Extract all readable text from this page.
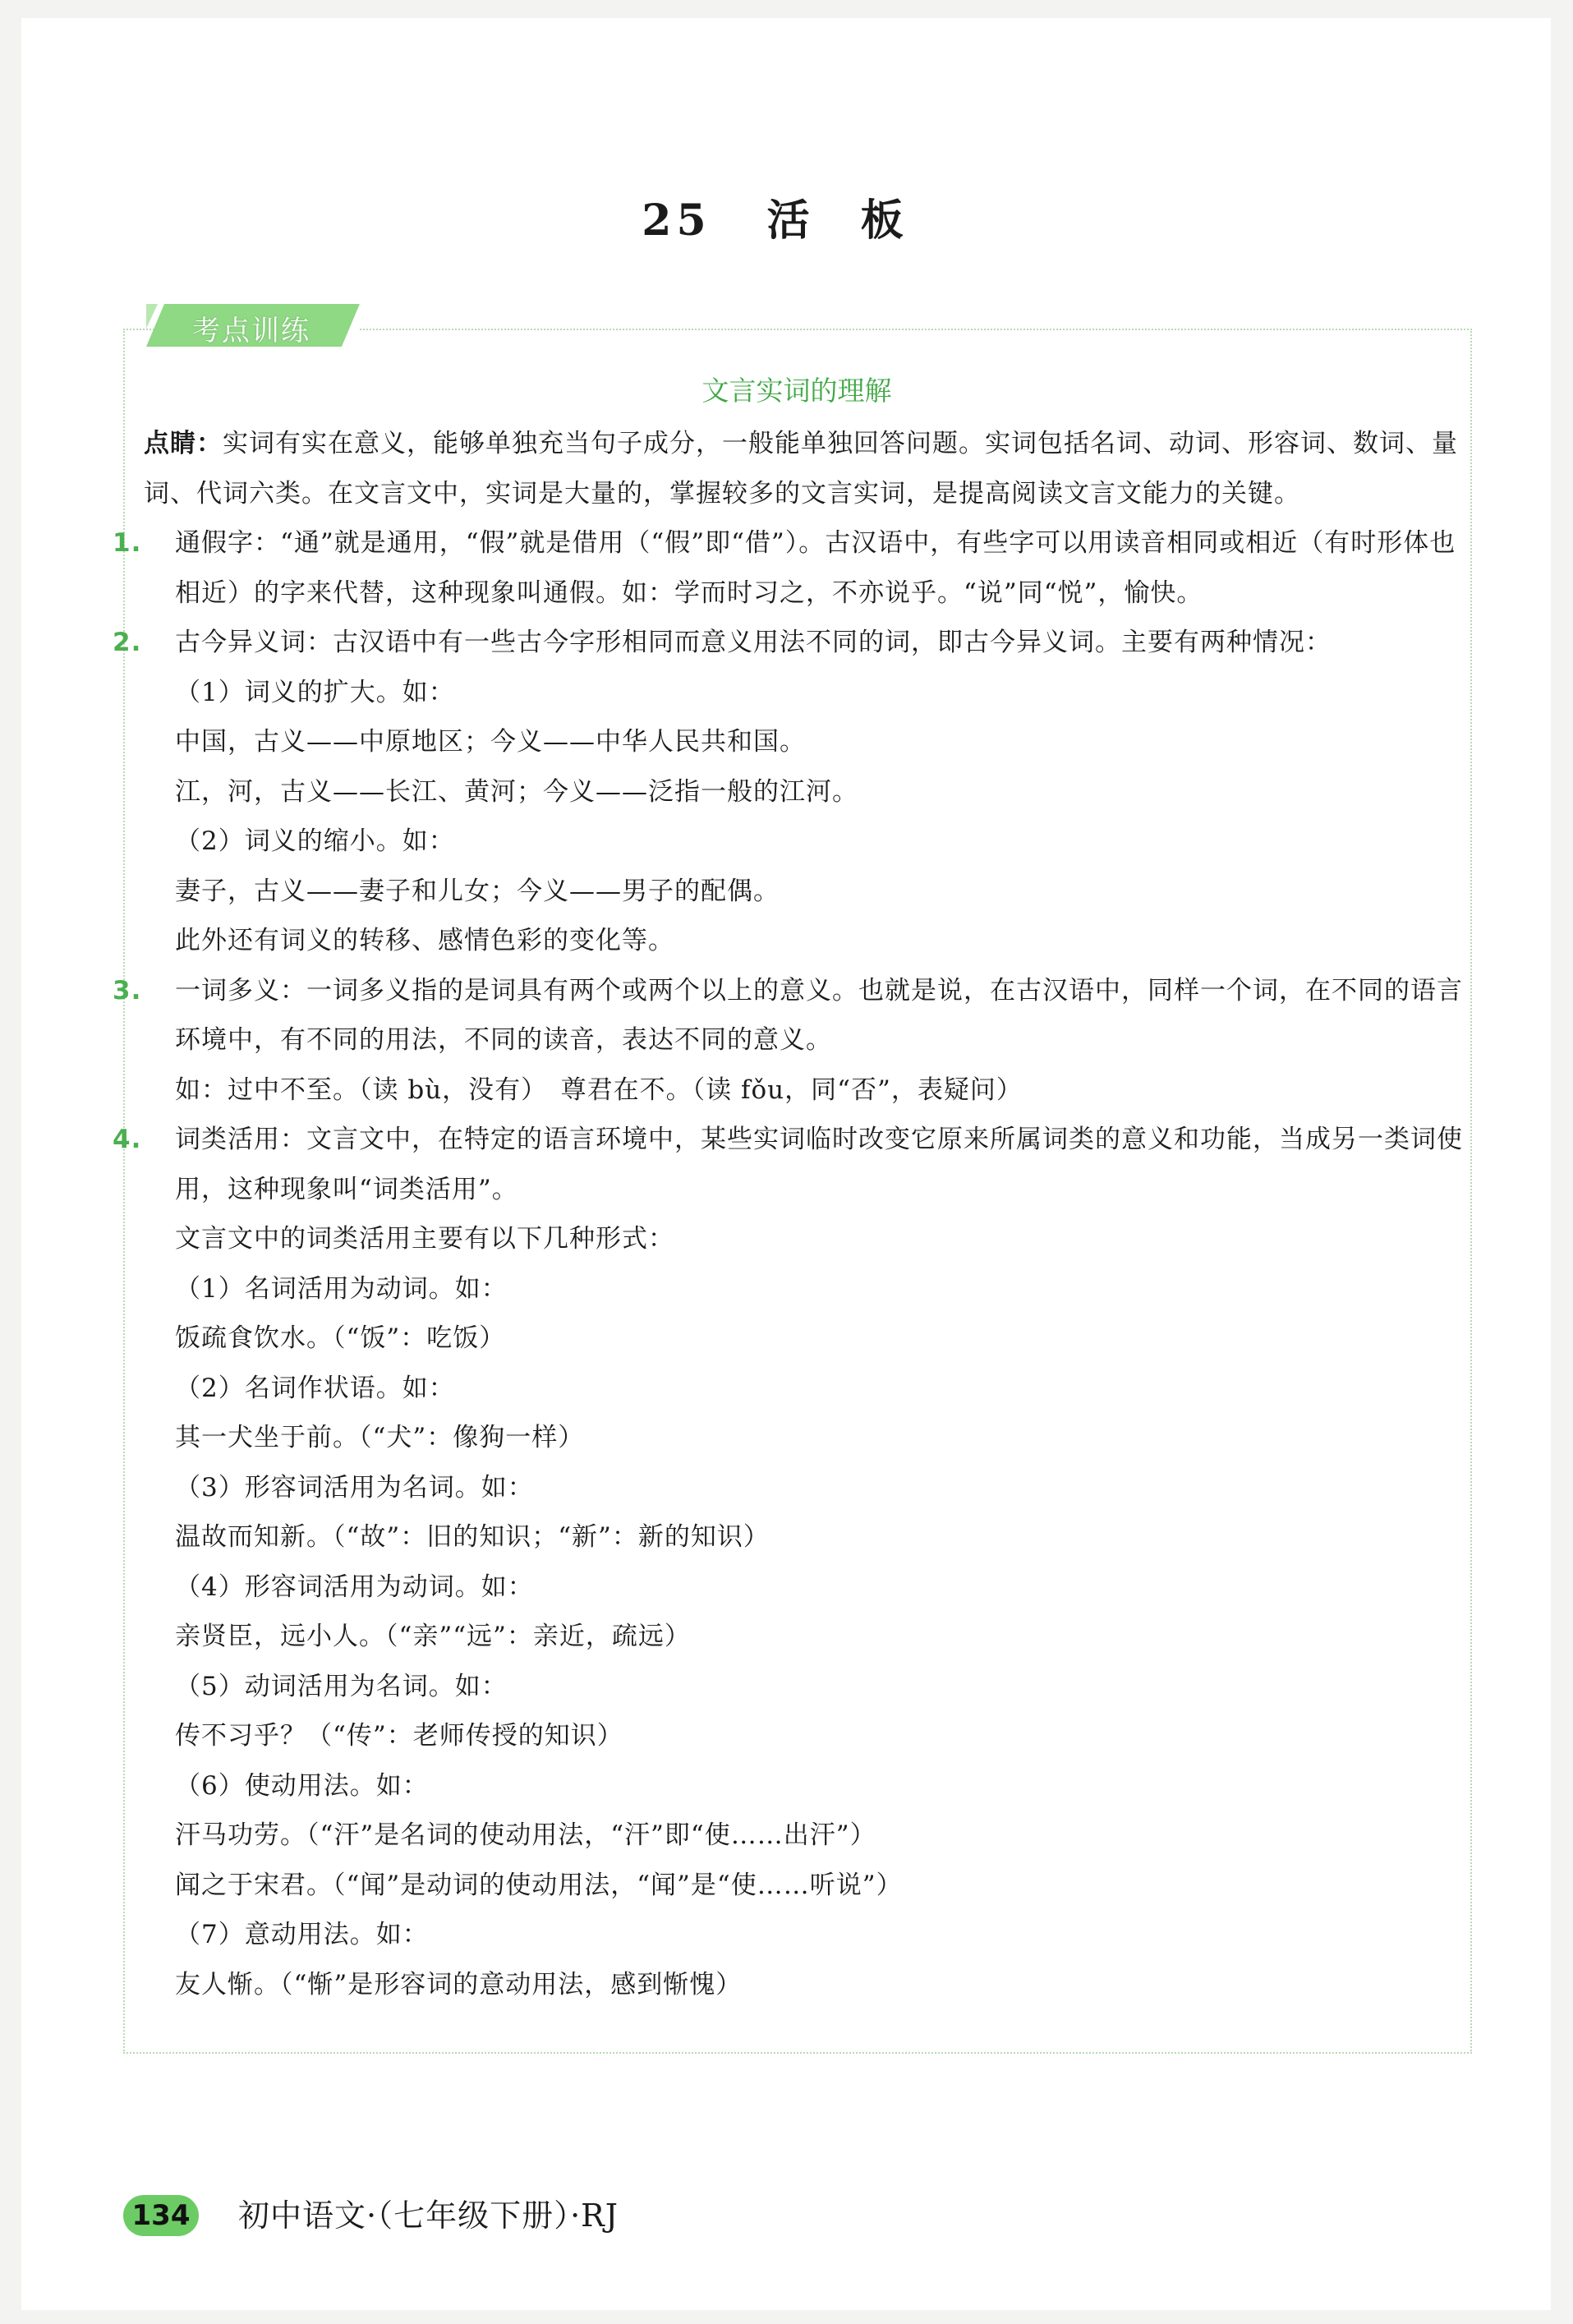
25 活 板
考点训练
文言实词的理解

点睛：实词有实在意义，能够单独充当句子成分，一般能单独回答问题。实词包括名词、动词、形容词、数词、量词、代词六类。在文言文中，实词是大量的，掌握较多的文言实词，是提高阅读文言文能力的关键。

1. 通假字：“通”就是通用，“假”就是借用（“假”即“借”）。古汉语中，有些字可以用读音相同或相近（有时形体也相近）的字来代替，这种现象叫通假。如：学而时习之，不亦说乎。“说”同“悦”，愉快。

2. 古今异义词：古汉语中有一些古今字形相同而意义用法不同的词，即古今异义词。主要有两种情况：

（1）词义的扩大。如：

中国，古义——中原地区；今义——中华人民共和国。

江，河，古义——长江、黄河；今义——泛指一般的江河。

（2）词义的缩小。如：

妻子，古义——妻子和儿女；今义——男子的配偶。

此外还有词义的转移、感情色彩的变化等。

3. 一词多义：一词多义指的是词具有两个或两个以上的意义。也就是说，在古汉语中，同样一个词，在不同的语言环境中，有不同的用法，不同的读音，表达不同的意义。

如：过中不至。（读 bù，没有）　尊君在不。（读 fǒu，同“否”，表疑问）

4. 词类活用：文言文中，在特定的语言环境中，某些实词临时改变它原来所属词类的意义和功能，当成另一类词使用，这种现象叫“词类活用”。

文言文中的词类活用主要有以下几种形式：

（1）名词活用为动词。如：

饭疏食饮水。（“饭”：吃饭）

（2）名词作状语。如：

其一犬坐于前。（“犬”：像狗一样）

（3）形容词活用为名词。如：

温故而知新。（“故”：旧的知识；“新”：新的知识）

（4）形容词活用为动词。如：

亲贤臣，远小人。（“亲”“远”：亲近，疏远）

（5）动词活用为名词。如：

传不习乎？（“传”：老师传授的知识）

（6）使动用法。如：

汗马功劳。（“汗”是名词的使动用法，“汗”即“使……出汗”）

闻之于宋君。（“闻”是动词的使动用法，“闻”是“使……听说”）

（7）意动用法。如：

友人惭。（“惭”是形容词的意动用法，感到惭愧）

134 初中语文·（七年级下册）·RJ
